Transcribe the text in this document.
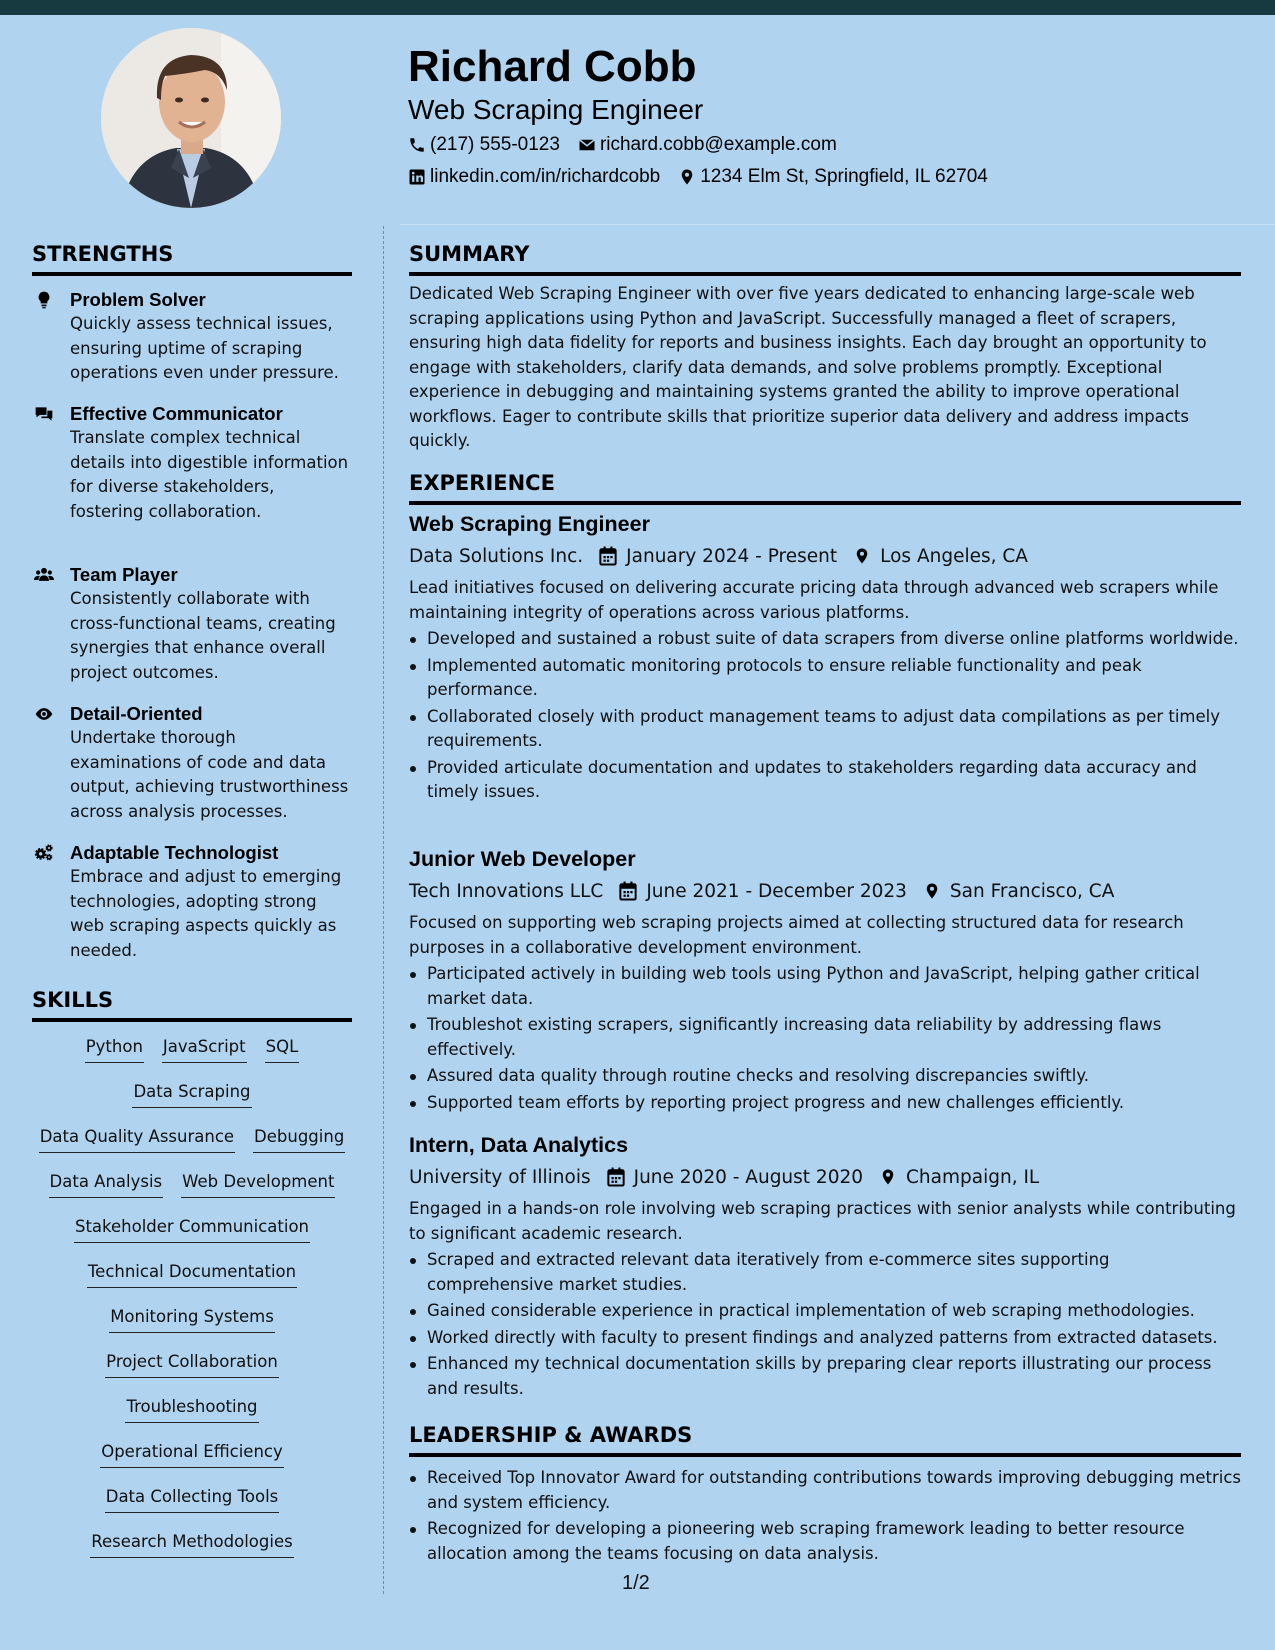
Richard Cobb
Web Scraping Engineer
(217) 555-0123 richard.cobb@example.com
linkedin.com/in/richardcobb 1234 Elm St, Springfield, IL 62704
STRENGTHS
Problem Solver
Quickly assess technical issues, ensuring uptime of scraping operations even under pressure.
Effective Communicator
Translate complex technical details into digestible information for diverse stakeholders, fostering collaboration.
Team Player
Consistently collaborate with cross-functional teams, creating synergies that enhance overall project outcomes.
Detail-Oriented
Undertake thorough examinations of code and data output, achieving trustworthiness across analysis processes.
Adaptable Technologist
Embrace and adjust to emerging technologies, adopting strong web scraping aspects quickly as needed.
SKILLS
Python JavaScript SQL
Data Scraping
Data Quality Assurance Debugging
Data Analysis Web Development
Stakeholder Communication
Technical Documentation
Monitoring Systems
Project Collaboration
Troubleshooting
Operational Efficiency
Data Collecting Tools
Research Methodologies
SUMMARY

Dedicated Web Scraping Engineer with over five years dedicated to enhancing large-scale web scraping applications using Python and JavaScript. Successfully managed a fleet of scrapers, ensuring high data fidelity for reports and business insights. Each day brought an opportunity to engage with stakeholders, clarify data demands, and solve problems promptly. Exceptional experience in debugging and maintaining systems granted the ability to improve operational workflows. Eager to contribute skills that prioritize superior data delivery and address impacts quickly.

EXPERIENCE
Web Scraping Engineer
Data Solutions Inc. January 2024 - Present Los Angeles, CA

Lead initiatives focused on delivering accurate pricing data through advanced web scrapers while maintaining integrity of operations across various platforms.

Developed and sustained a robust suite of data scrapers from diverse online platforms worldwide.
Implemented automatic monitoring protocols to ensure reliable functionality and peak performance.
Collaborated closely with product management teams to adjust data compilations as per timely requirements.
Provided articulate documentation and updates to stakeholders regarding data accuracy and timely issues.
Junior Web Developer
Tech Innovations LLC June 2021 - December 2023 San Francisco, CA

Focused on supporting web scraping projects aimed at collecting structured data for research purposes in a collaborative development environment.

Participated actively in building web tools using Python and JavaScript, helping gather critical market data.
Troubleshot existing scrapers, significantly increasing data reliability by addressing flaws effectively.
Assured data quality through routine checks and resolving discrepancies swiftly.
Supported team efforts by reporting project progress and new challenges efficiently.
Intern, Data Analytics
University of Illinois June 2020 - August 2020 Champaign, IL

Engaged in a hands-on role involving web scraping practices with senior analysts while contributing to significant academic research.

Scraped and extracted relevant data iteratively from e-commerce sites supporting comprehensive market studies.
Gained considerable experience in practical implementation of web scraping methodologies.
Worked directly with faculty to present findings and analyzed patterns from extracted datasets.
Enhanced my technical documentation skills by preparing clear reports illustrating our process and results.
LEADERSHIP & AWARDS
Received Top Innovator Award for outstanding contributions towards improving debugging metrics and system efficiency.
Recognized for developing a pioneering web scraping framework leading to better resource allocation among the teams focusing on data analysis.
1/2
